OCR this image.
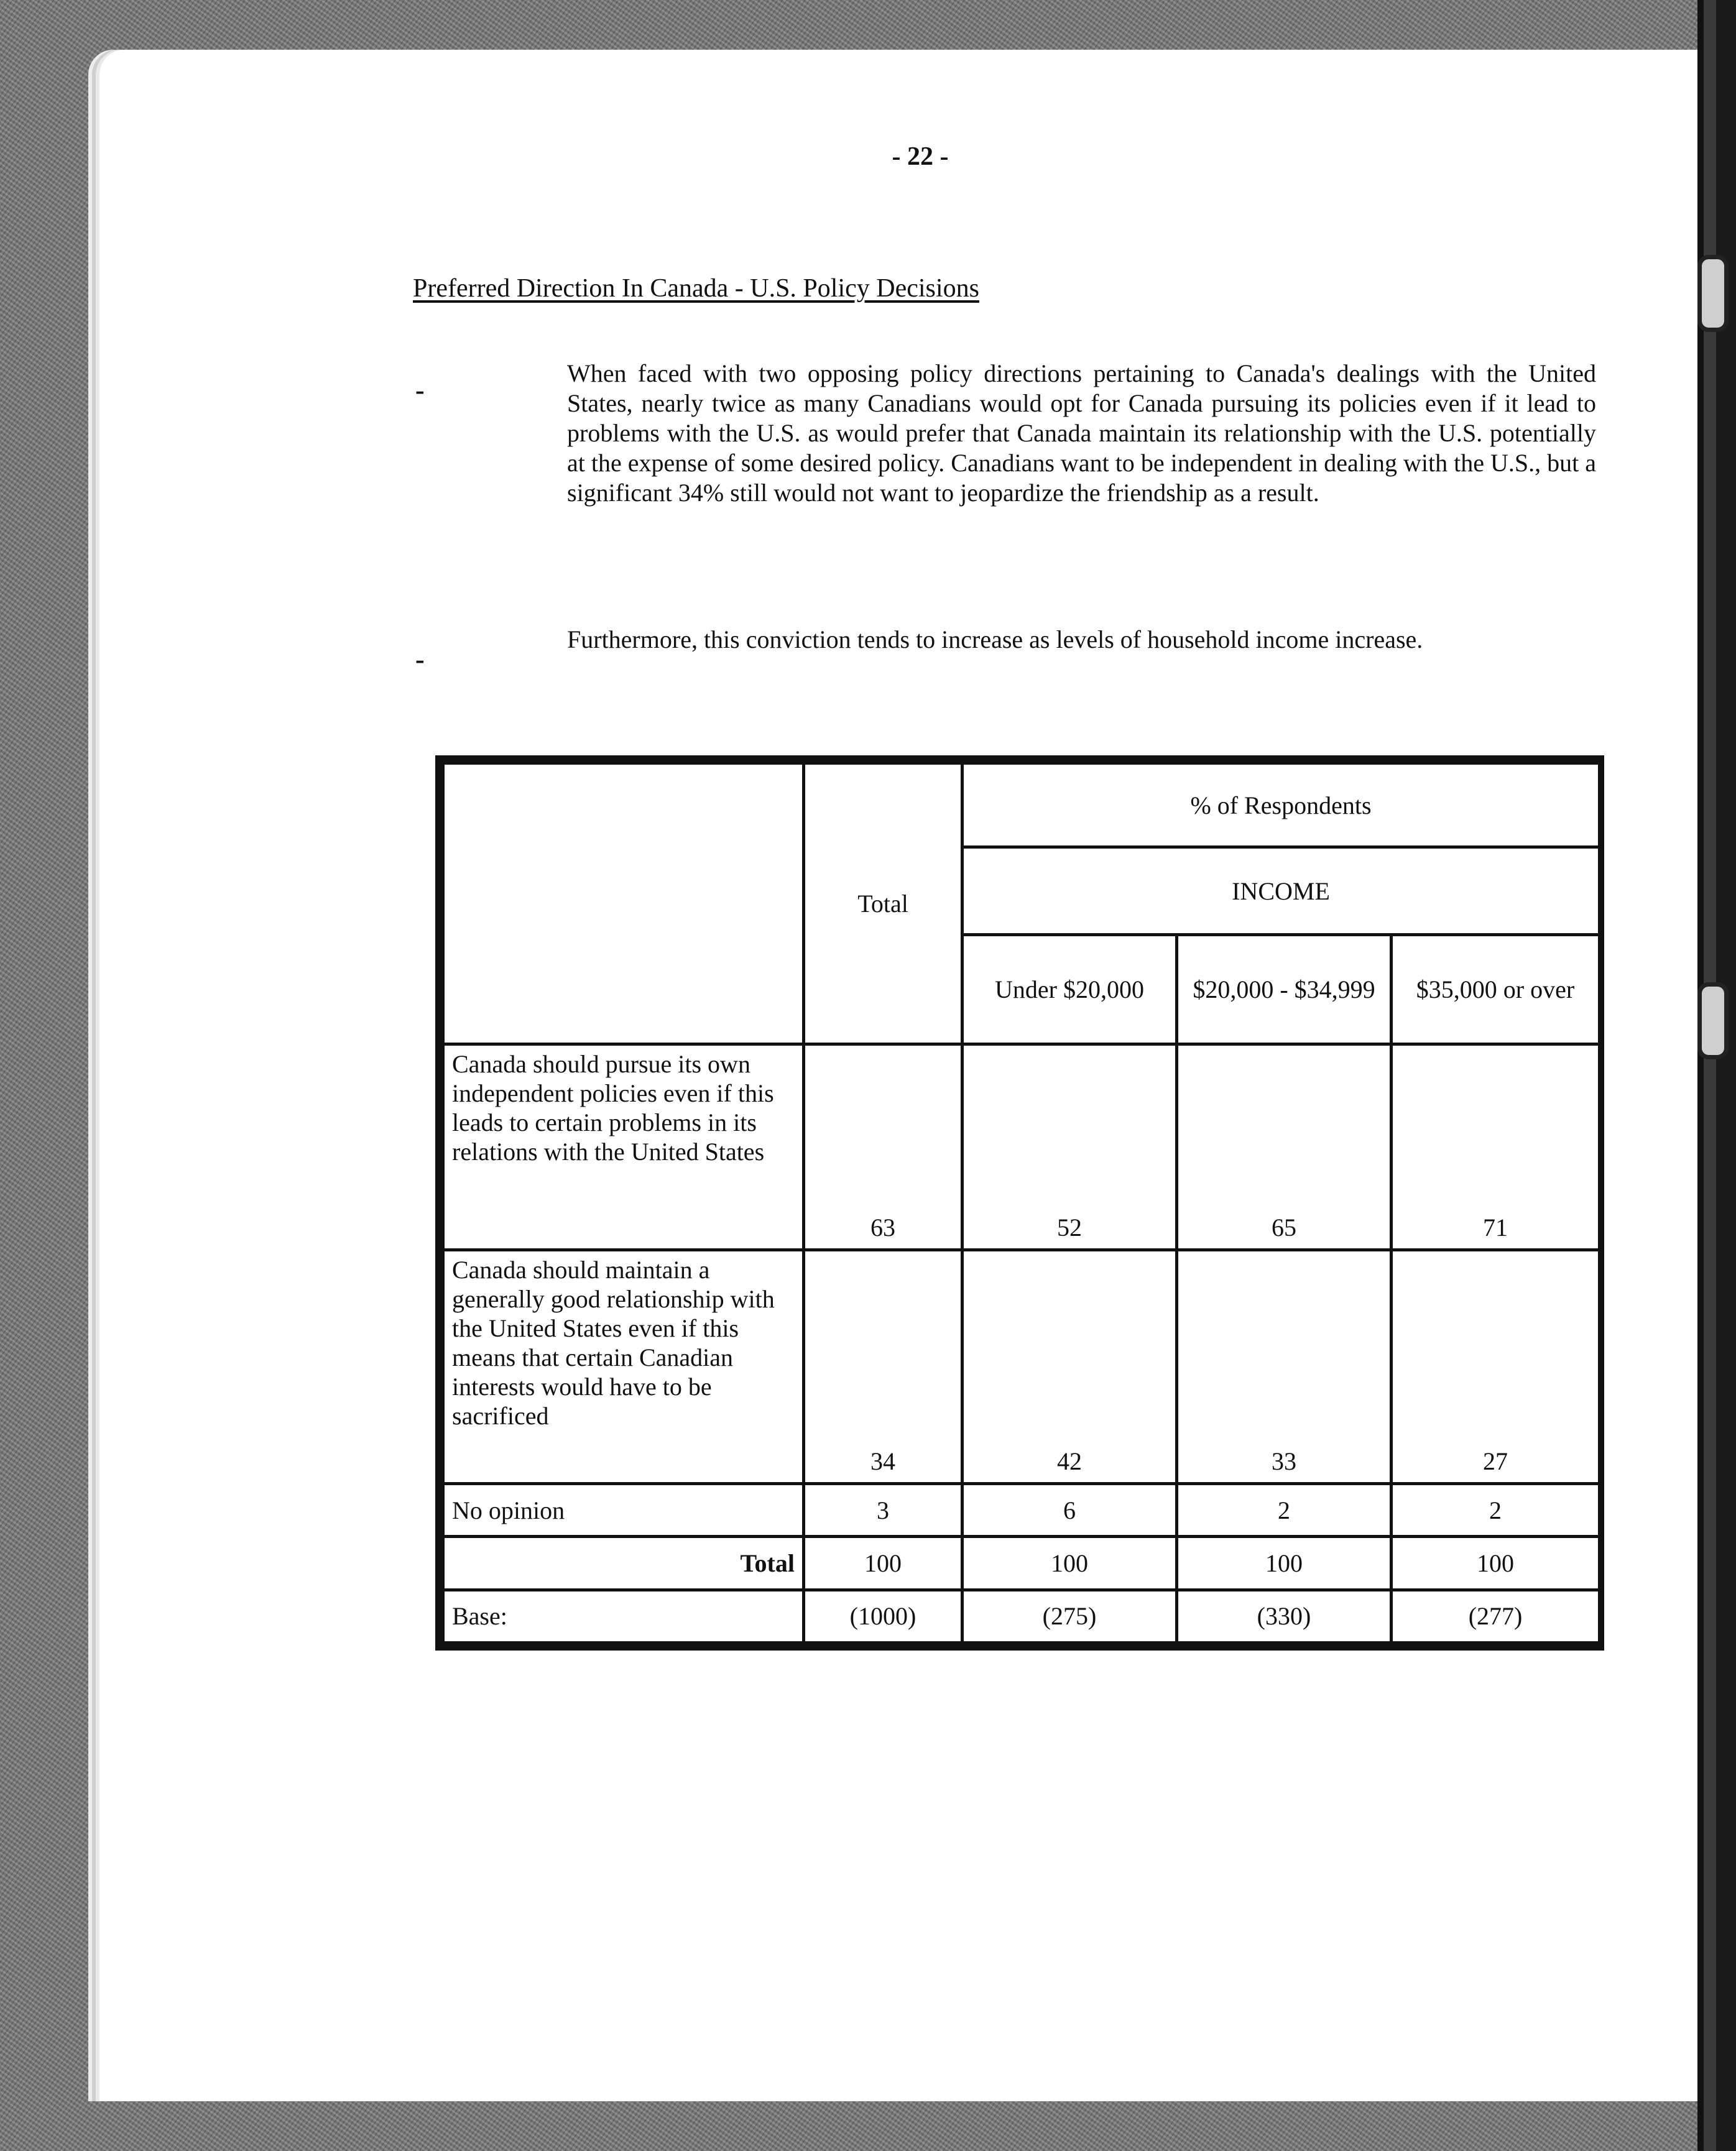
- 22 -
Preferred Direction In Canada - U.S. Policy Decisions
-

When faced with two opposing policy directions pertaining to Canada's dealings with the United States, nearly twice as many Canadians would opt for Canada pursuing its policies even if it lead to problems with the U.S. as would prefer that Canada maintain its relationship with the U.S. potentially at the expense of some desired policy. Canadians want to be independent in dealing with the U.S., but a significant 34% still would not want to jeopardize the friendship as a result.

-

Furthermore, this conviction tends to increase as levels of household income increase.

	Total	% of Respondents		
		INCOME		
		Under $20,000	$20,000 - $34,999	$35,000 or over
Canada should pursue its own independent policies even if this leads to certain problems in its relations with the United States	63	52	65	71
Canada should maintain a generally good relationship with the United States even if this means that certain Canadian interests would have to be sacrificed	34	42	33	27
No opinion	3	6	2	2
Total	100	100	100	100
Base:	(1000)	(275)	(330)	(277)
